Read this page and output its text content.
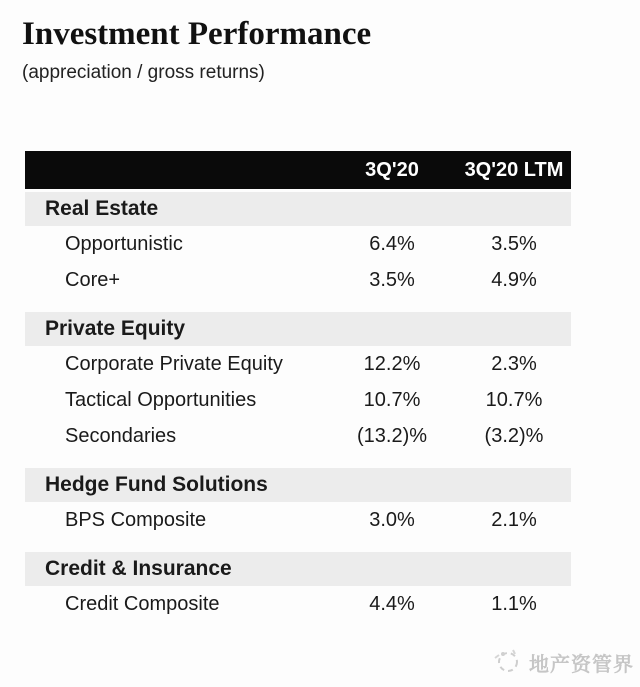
Investment Performance
(appreciation / gross returns)
3Q'20	3Q'20 LTM
Real Estate
Opportunistic	6.4%	3.5%
Core+	3.5%	4.9%
Private Equity
Corporate Private Equity	12.2%	2.3%
Tactical Opportunities	10.7%	10.7%
Secondaries	(13.2)%	(3.2)%
Hedge Fund Solutions
BPS Composite	3.0%	2.1%
Credit & Insurance
Credit Composite	4.4%	1.1%
地产资管界
